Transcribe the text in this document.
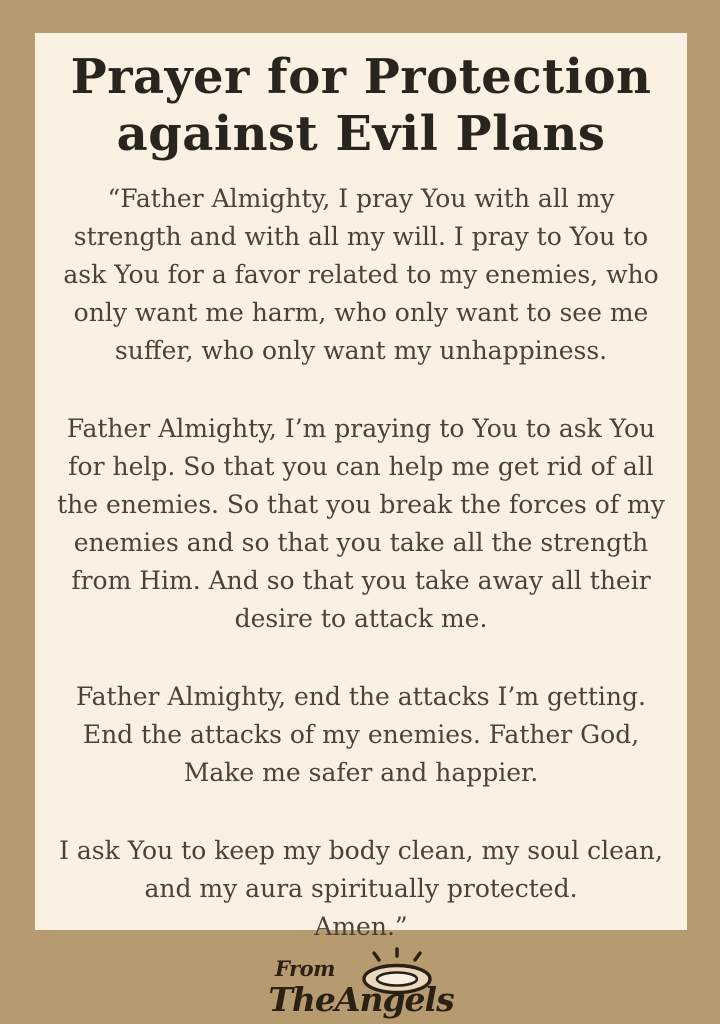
Prayer for Protection
against Evil Plans

“Father Almighty, I pray You with all my strength and with all my will. I pray to You to ask You for a favor related to my enemies, who only want me harm, who only want to see me suffer, who only want my unhappiness.

Father Almighty, I’m praying to You to ask You for help. So that you can help me get rid of all the enemies. So that you break the forces of my enemies and so that you take all the strength from Him. And so that you take away all their desire to attack me.

Father Almighty, end the attacks I’m getting. End the attacks of my enemies. Father God, Make me safer and happier.

I ask You to keep my body clean, my soul clean, and my aura spiritually protected.

Amen.”

From
TheAngels
